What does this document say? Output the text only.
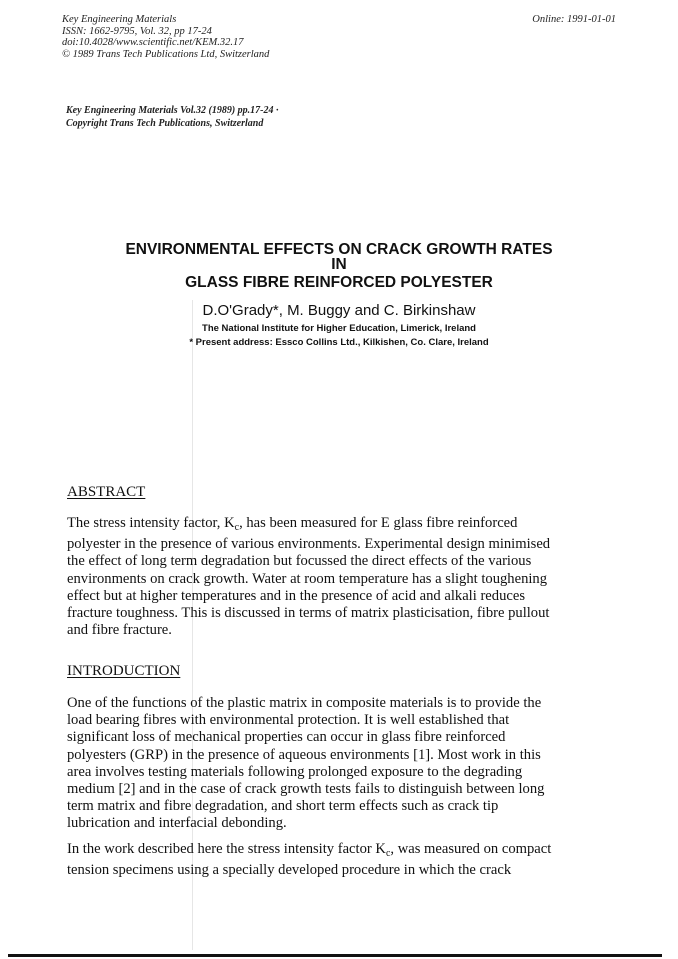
Key Engineering Materials
ISSN: 1662-9795, Vol. 32, pp 17-24
doi:10.4028/www.scientific.net/KEM.32.17
© 1989 Trans Tech Publications Ltd, Switzerland
Online: 1991-01-01
Key Engineering Materials Vol.32 (1989) pp.17-24 ·
Copyright Trans Tech Publications, Switzerland
ENVIRONMENTAL EFFECTS ON CRACK GROWTH RATES
IN
GLASS FIBRE REINFORCED POLYESTER
D.O'Grady*, M. Buggy and C. Birkinshaw
The National Institute for Higher Education, Limerick, Ireland
* Present address: Essco Collins Ltd., Kilkishen, Co. Clare, Ireland
ABSTRACT
The stress intensity factor, $K_c$, has been measured for E glass fibre reinforced
polyester in the presence of various environments. Experimental design minimised
the effect of long term degradation but focussed the direct effects of the various
environments on crack growth. Water at room temperature has a slight toughening
effect but at higher temperatures and in the presence of acid and alkali reduces
fracture toughness. This is discussed in terms of matrix plasticisation, fibre pullout
and fibre fracture.
INTRODUCTION
One of the functions of the plastic matrix in composite materials is to provide the
load bearing fibres with environmental protection. It is well established that
significant loss of mechanical properties can occur in glass fibre reinforced
polyesters (GRP) in the presence of aqueous environments [1]. Most work in this
area involves testing materials following prolonged exposure to the degrading
medium [2] and in the case of crack growth tests fails to distinguish between long
term matrix and fibre degradation, and short term effects such as crack tip
lubrication and interfacial debonding.
In the work described here the stress intensity factor $K_c$, was measured on compact
tension specimens using a specially developed procedure in which the crack
